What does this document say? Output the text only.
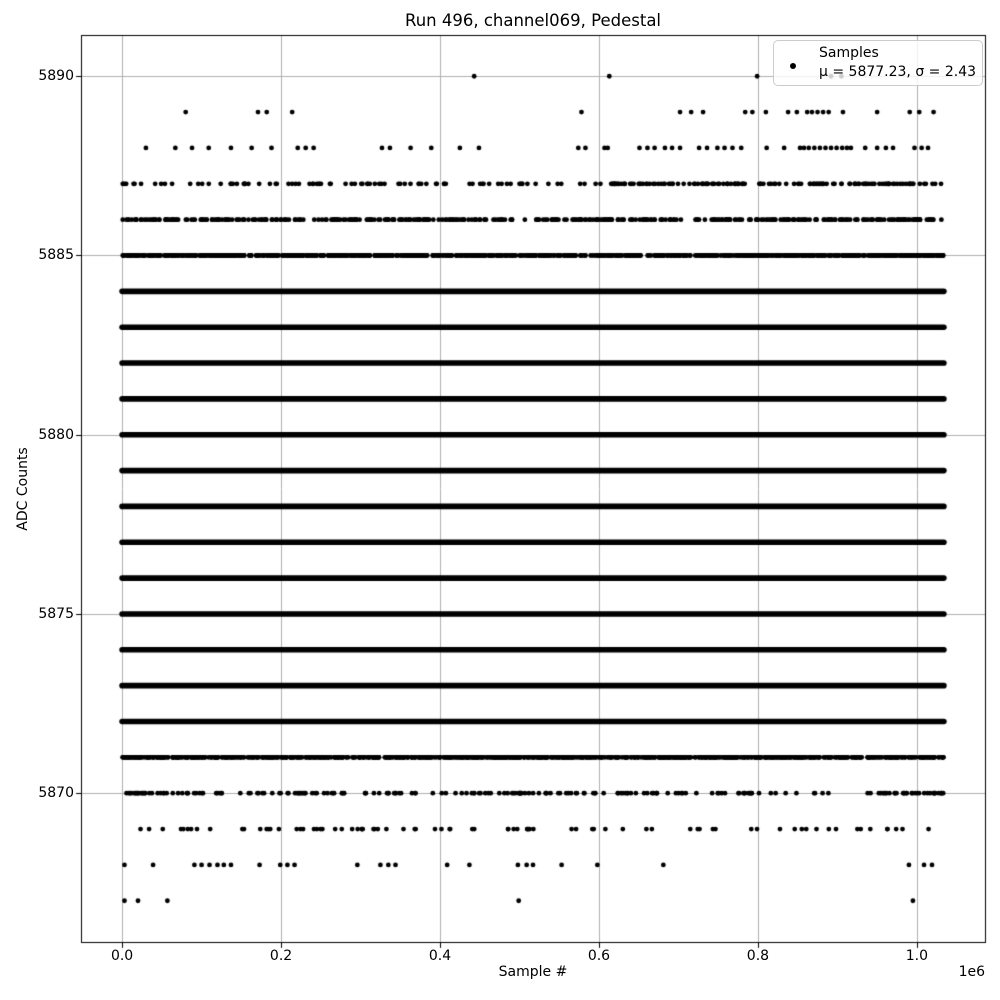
Run 496, channel069, Pedestal
Sample #	1e6
ADC Counts
0.0	0.2	0.4	0.6	0.8	1.0
5870
5875
5880
5885
5890
Samples
μ = 5877.23, σ = 2.43
